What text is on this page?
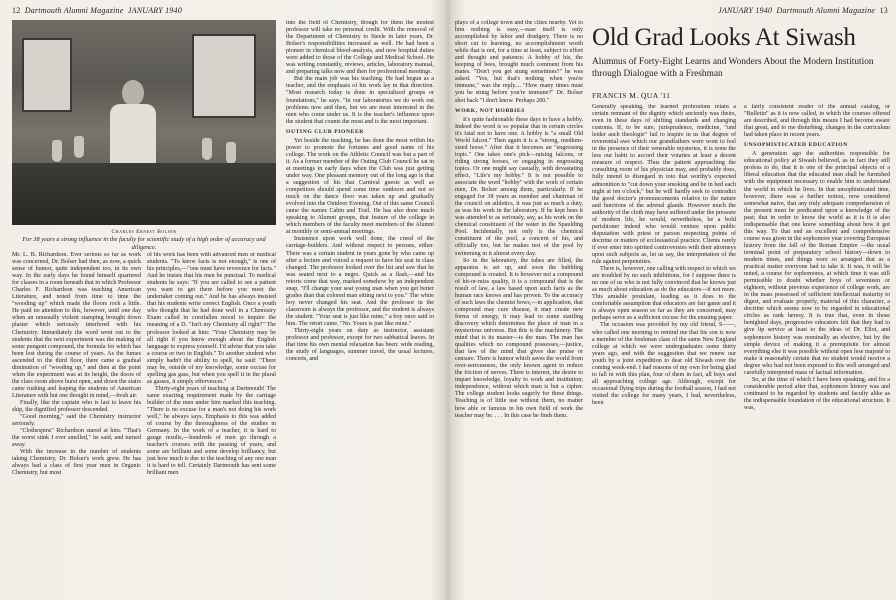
12 Dartmouth Alumni Magazine JANUARY 1940
Charles Ernest Bolser
For 38 years a strong influence in the faculty for scientific study of a high order of accuracy and diligence.

Mr. L. B. Richardson. Ever serious so far as work was concerned, Dr. Bolser had then, as now, a quick sense of humor, quite independent too, in its own way. In the early days he found himself quartered for classes in a room beneath that in which Professor Charles F. Richardson was teaching American Literature, and noted from time to time the "wooding up" which made the floors rock a little. He paid no attention to this, however, until one day when an unusually violent stamping brought down plaster which seriously interfered with his Chemistry. Immediately the word went out to the students that the next experiment was the making of some pungent compound, the formula for which has been lost during the course of years. As the fumes ascended to the third floor, there came a gradual diminution of "wooding up," and then at the point when the experiment was at its height, the doors of the class room above burst open, and down the stairs came rushing and leaping the students of American Literature with but one thought in mind,—fresh air.

Finally, like the captain who is last to leave his ship, the dignified professor descended.

"Good morning," said the Chemistry instructor seriously.

"Clothespins" Richardson stared at him. "That's the worst stink I ever smelled," he said, and turned away.

With the increase in the number of students taking Chemistry, Dr. Bolser's work grew. He has always had a class of first year men in Organic Chemistry, but most

of his work has been with advanced men or medical students. "To know facts is not enough," is one of his principles,—"one must have reverence for facts." And he insists that his men be punctual. To medical students he says: "If you are called to see a patient you want to get there before you meet the undertaker coming out." And he has always insisted that his students write correct English. Once a youth who thought that he had done well in a Chemistry Exam called in crestfallen mood to inquire the meaning of a D. "Isn't my Chemistry all right?" The professor looked at him: "Your Chemistry may be all right if you know enough about the English language to express yourself. I'd advise that you take a course or two in English." To another student who simply hadn't the ability to spell, he said: "There may be, outside of my knowledge, some excuse for spelling gas gass, but when you spell it in the plural as gasses, it simply effervesces."

Thirty-eight years of teaching at Dartmouth! The same exacting requirement made by the carriage builder of the men under him marked this teaching. "There is no excuse for a man's not doing his work well," he always says. Emphasis to this was added of course by the thoroughness of the studies in Germany. In the work of a teacher, it is hard to gauge results,—hundreds of men go through a teacher's courses with the passing of years, and some are brilliant and some develop brilliancy, but just how much is due to the teaching of any one man it is hard to tell. Certainly Dartmouth has sent some brilliant men

into the field of Chemistry, though for them the modest professor will take no personal credit. With the removal of the Department of Chemistry to Steele in later years, Dr. Bolser's responsibilities increased as well. He had been a pioneer in chemical blood-analysis, and now hospital duties were added to those of the College and Medical School. He was writing constantly, reviews, articles, laboratory manual, and preparing talks now and then for professional meetings.

But the main job was his teaching. He had begun as a teacher, and the emphasis of his work lay in that direction. "Most research today is done in specialized groups or foundations," he says. "In our laboratories we do work out problems now and then, but we are most interested in the men who come under us. It is the teacher's influence upon the student that counts the most and is the most important.

OUTING CLUB PIONEER

Yet beside the teaching, he has done the most within his power to promote the fortunes and good name of his college. The work on the Athletic Council was but a part of it. As a former member of the Outing Club Council he sat in at meetings in early days when the Club was just getting under way. One pleasant memory out of the long ago is that a suggestion of his that Carnival guests as well as competitors should spend some time outdoors and not so much on the dance floor was taken up and gradually evolved into the Outdoor Evening. Out of this same Council came the names Cabin and Trail. He has also done much speaking to Alumni groups, that feature of the college in which members of the faculty meet members of the Alumni at monthly or semi-annual meetings.

Insistence upon work well done, the creed of the carriage-builders. And without respect to persons, either. There was a certain student in years gone by who came up after a lecture and voiced a request to have his seat in class changed. The professor looked over the list and saw that he was seated next to a negro. Quick as a flash,—and his retorts come that way, marked somehow by an independent snap, "I'll change your seat young man when you get better grades than that colored man sitting next to you." The white boy never changed his seat. And the professor in the classroom is always the professor, and the student is always the student. "Your seat is just like mine," a boy once said to him. The retort came. "No. Yours is just like mine."

Thirty-eight years on duty as instructor, assistant professor and professor, except for two sabbatical leaves. In that time his own mental relaxation has been: wide reading, the study of languages, summer travel, the usual lectures, concerts, and

JANUARY 1940 Dartmouth Alumni Magazine 13

plays of a college town and the cities nearby. Yet to him nothing is easy,—ease itself is only accomplished by labor and drudgery. There is no short cut to learning, no accomplishment worth while that is not, for a time at least, subject to effort and thought and patience. A hobby of his, the keeping of bees, brought much comment from his mates. "Don't you get stung sometimes?" he was asked. "Yes, but that's nothing when you're immune," was the reply.... "How many times must you be stung before you're immune?" Dr. Bolser shot back "I don't know. Perhaps 200."

WORK, NOT HOBBIES

It's quite fashionable these days to have a hobby. Indeed the word is so popular that in certain circles it's fatal not to have one. A hobby is "a small Old World falcon." Then again it is a "strong, medium-sized horse." After that it becomes an "engrossing topic." One takes one's pick—raising falcons, or riding strong horses, or engaging in engrossing topics. Or one might say casually, with devastating effect, "Life's my hobby." It is not possible to associate the word "hobby" with the work of certain men, Dr. Bolser among them, particularly. If he engaged for 38 years as member and chairman of the council on athletics, it was just as much a duty, as was his work in the laboratory. If he kept bees it was attended to as seriously, say, as his work on the chemical constituent of the water in the Spaulding Pool. Incidentally, not only is the chemical constituent of the pool, a concern of his, and officially too, but he makes test of the pool by swimming in it almost every day.

So in the laboratory, the tubes are filled, the apparatus is set up, and soon the bubbling compound is created. It is however not a compound of hit-or-miss quality, it is a compound that is the result of law, a law based upon such facts as the human race knows and has proven. To the accuracy of such laws the chemist bows,—in application, that compound may cure disease, it may create new forms of energy, it may lead to some startling discovery which determines the place of man in a mysterious universe. But this is the machinery. The mind that is its master—is the man. The man has qualities which no compound possesses,—justice, that law of the mind that gives due praise or censure. There is humor which saves the world from over-seriousness, the only known agent to reduce the friction of nerves. There is interest, the desire to impart knowledge, loyalty to work and institution; independence, without which man is but a cipher. The college student looks eagerly for these things. Teaching is of little use without them, no matter how able or famous in his own field of work the teacher may be. . . . In this case he finds them.

Old Grad Looks At Siwash
Alumnus of Forty-Eight Learns and Wonders About the Modern Institution through Dialogue with a Freshman
FRANCIS M. QUA '11

Generally speaking, the learned professions retain a certain remnant of the dignity which anciently was theirs, even in these days of shifting standards and changing customs. If, to be sure, jurisprudence, medicine, "und leider auch theologie" fail to inspire in us that degree of reverential awe which our grandfathers were wont to feel in the presence of their venerable mysteries, it is none the less our habit to accord their votaries at least a decent measure of respect. Thus the patient approaching the consulting room of his physician may, and probably does, fully intend to disregard in toto that worthy's expected admonition to "cut down your smoking and be in bed each night at ten o'clock," but he will hardly seek to contradict the good doctor's pronouncements relative to the nature and functions of the adrenal glands. However much the authority of the cloth may have suffered under the pressure of modern life, he would, nevertheless, be a bold parishioner indeed who would venture upon public disputation with priest or parson respecting points of doctrine or matters of ecclesiastical practice. Clients rarely if ever enter into spirited controversies with their attorneys upon such subjects as, let us say, the interpretation of the rule against perpetuities.

There is, however, one calling with respect to which we are troubled by no such inhibitions, for I suppose there is no one of us who is not fully convinced that he knows just as much about education as do the educators—if not more. This amiable postulate, leading as it does to the comfortable assumption that educators are fair game and it is always open season so far as they are concerned, may perhaps serve as a sufficient excuse for the ensuing paper.

The occasion was provided by my old friend, S——, who called one morning to remind me that his son is now a member of the freshman class of the same New England college at which we were undergraduates some thirty years ago, and with the suggestion that we renew our youth by a joint expedition to dear old Siwash over the coming week-end. I had reasons of my own for being glad to fall in with this plan, four of them in fact, all boys and all approaching college age. Although, except for occasional flying trips during the football season, I had not visited the college for many years, I had, nevertheless, been

a fairly consistent reader of the annual catalog, or "Bulletin" as it is now called, in which the courses offered are described, and through this means I had become aware that great, and to me disturbing, changes in the curriculum had taken place in recent years.

UNSOPHISTICATED EDUCATION

A generation ago the authorities responsible for educational policy at Siwash believed, as in fact they still profess to do, that it is one of the principal objects of a liberal education that the educated man shall be furnished with the equipment necessary to enable him to understand the world in which he lives. In that unsophisticated time, however, there was a further notion, now considered somewhat naive, that any truly adequate comprehension of the present must be predicated upon a knowledge of the past; that in order to know the world as it is it is also indispensable that one know something about how it got this way. To that end an excellent and comprehensive course was given in the sophomore year covering European history from the fall of the Roman Empire —the usual terminal point of preparatory school history—down to modern times, and things were so arranged that as a practical matter everyone had to take it. It was, it will be noted, a course for sophomores, at which time it was still permissible to doubt whether boys of seventeen or eighteen, without previous experience of college work, are in the mass possessed of sufficient intellectual maturity to digest, and evaluate properly, material of this character, a doctrine which seems now to be regarded in educational circles as rank heresy. It is true that, even in those benighted days, progressive educators felt that they had to give lip service at least to the ideas of Dr. Eliot, and sophomore history was nominally an elective, but by the simple device of making it a prerequisite for almost everything else it was possible without open lese majesté to make it reasonably certain that no student would receive a degree who had not been exposed to this well arranged and carefully interpreted mass of factual information.

So, at the time of which I have been speaking, and for a considerable period after that, sophomore history was and continued to be regarded by students and faculty alike as the indispensable foundation of the educational structure. It was,
